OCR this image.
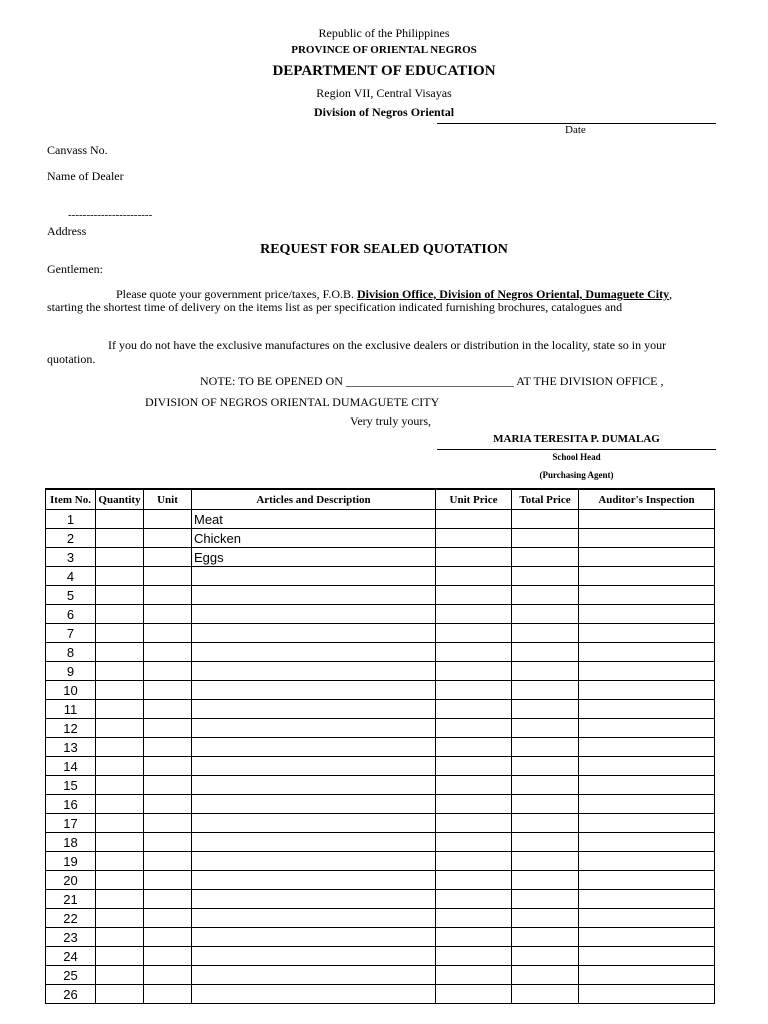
Republic of the Philippines
PROVINCE OF ORIENTAL NEGROS
DEPARTMENT OF EDUCATION
Region VII, Central Visayas
Division of Negros Oriental
Date
Canvass No.
Name of Dealer
-----------------------
Address
REQUEST FOR SEALED QUOTATION
Gentlemen:
Please quote your government price/taxes, F.O.B. Division Office, Division of Negros Oriental, Dumaguete City,
starting the shortest time of delivery on the items list as per specification indicated furnishing brochures, catalogues and
If you do not have the exclusive manufactures on the exclusive dealers or distribution in the locality, state so in your
quotation.
NOTE: TO BE OPENED ON ____________________________ AT THE DIVISION OFFICE ,
DIVISION OF NEGROS ORIENTAL DUMAGUETE CITY
Very truly yours,
MARIA TERESITA P. DUMALAG
School Head
(Purchasing Agent)
Item No.	Quantity	Unit	Articles and Description	Unit Price	Total Price	Auditor's Inspection
1			Meat			
2			Chicken			
3			Eggs			
4						
5						
6						
7						
8						
9						
10						
11						
12						
13						
14						
15						
16						
17						
18						
19						
20						
21						
22						
23						
24						
25						
26						
